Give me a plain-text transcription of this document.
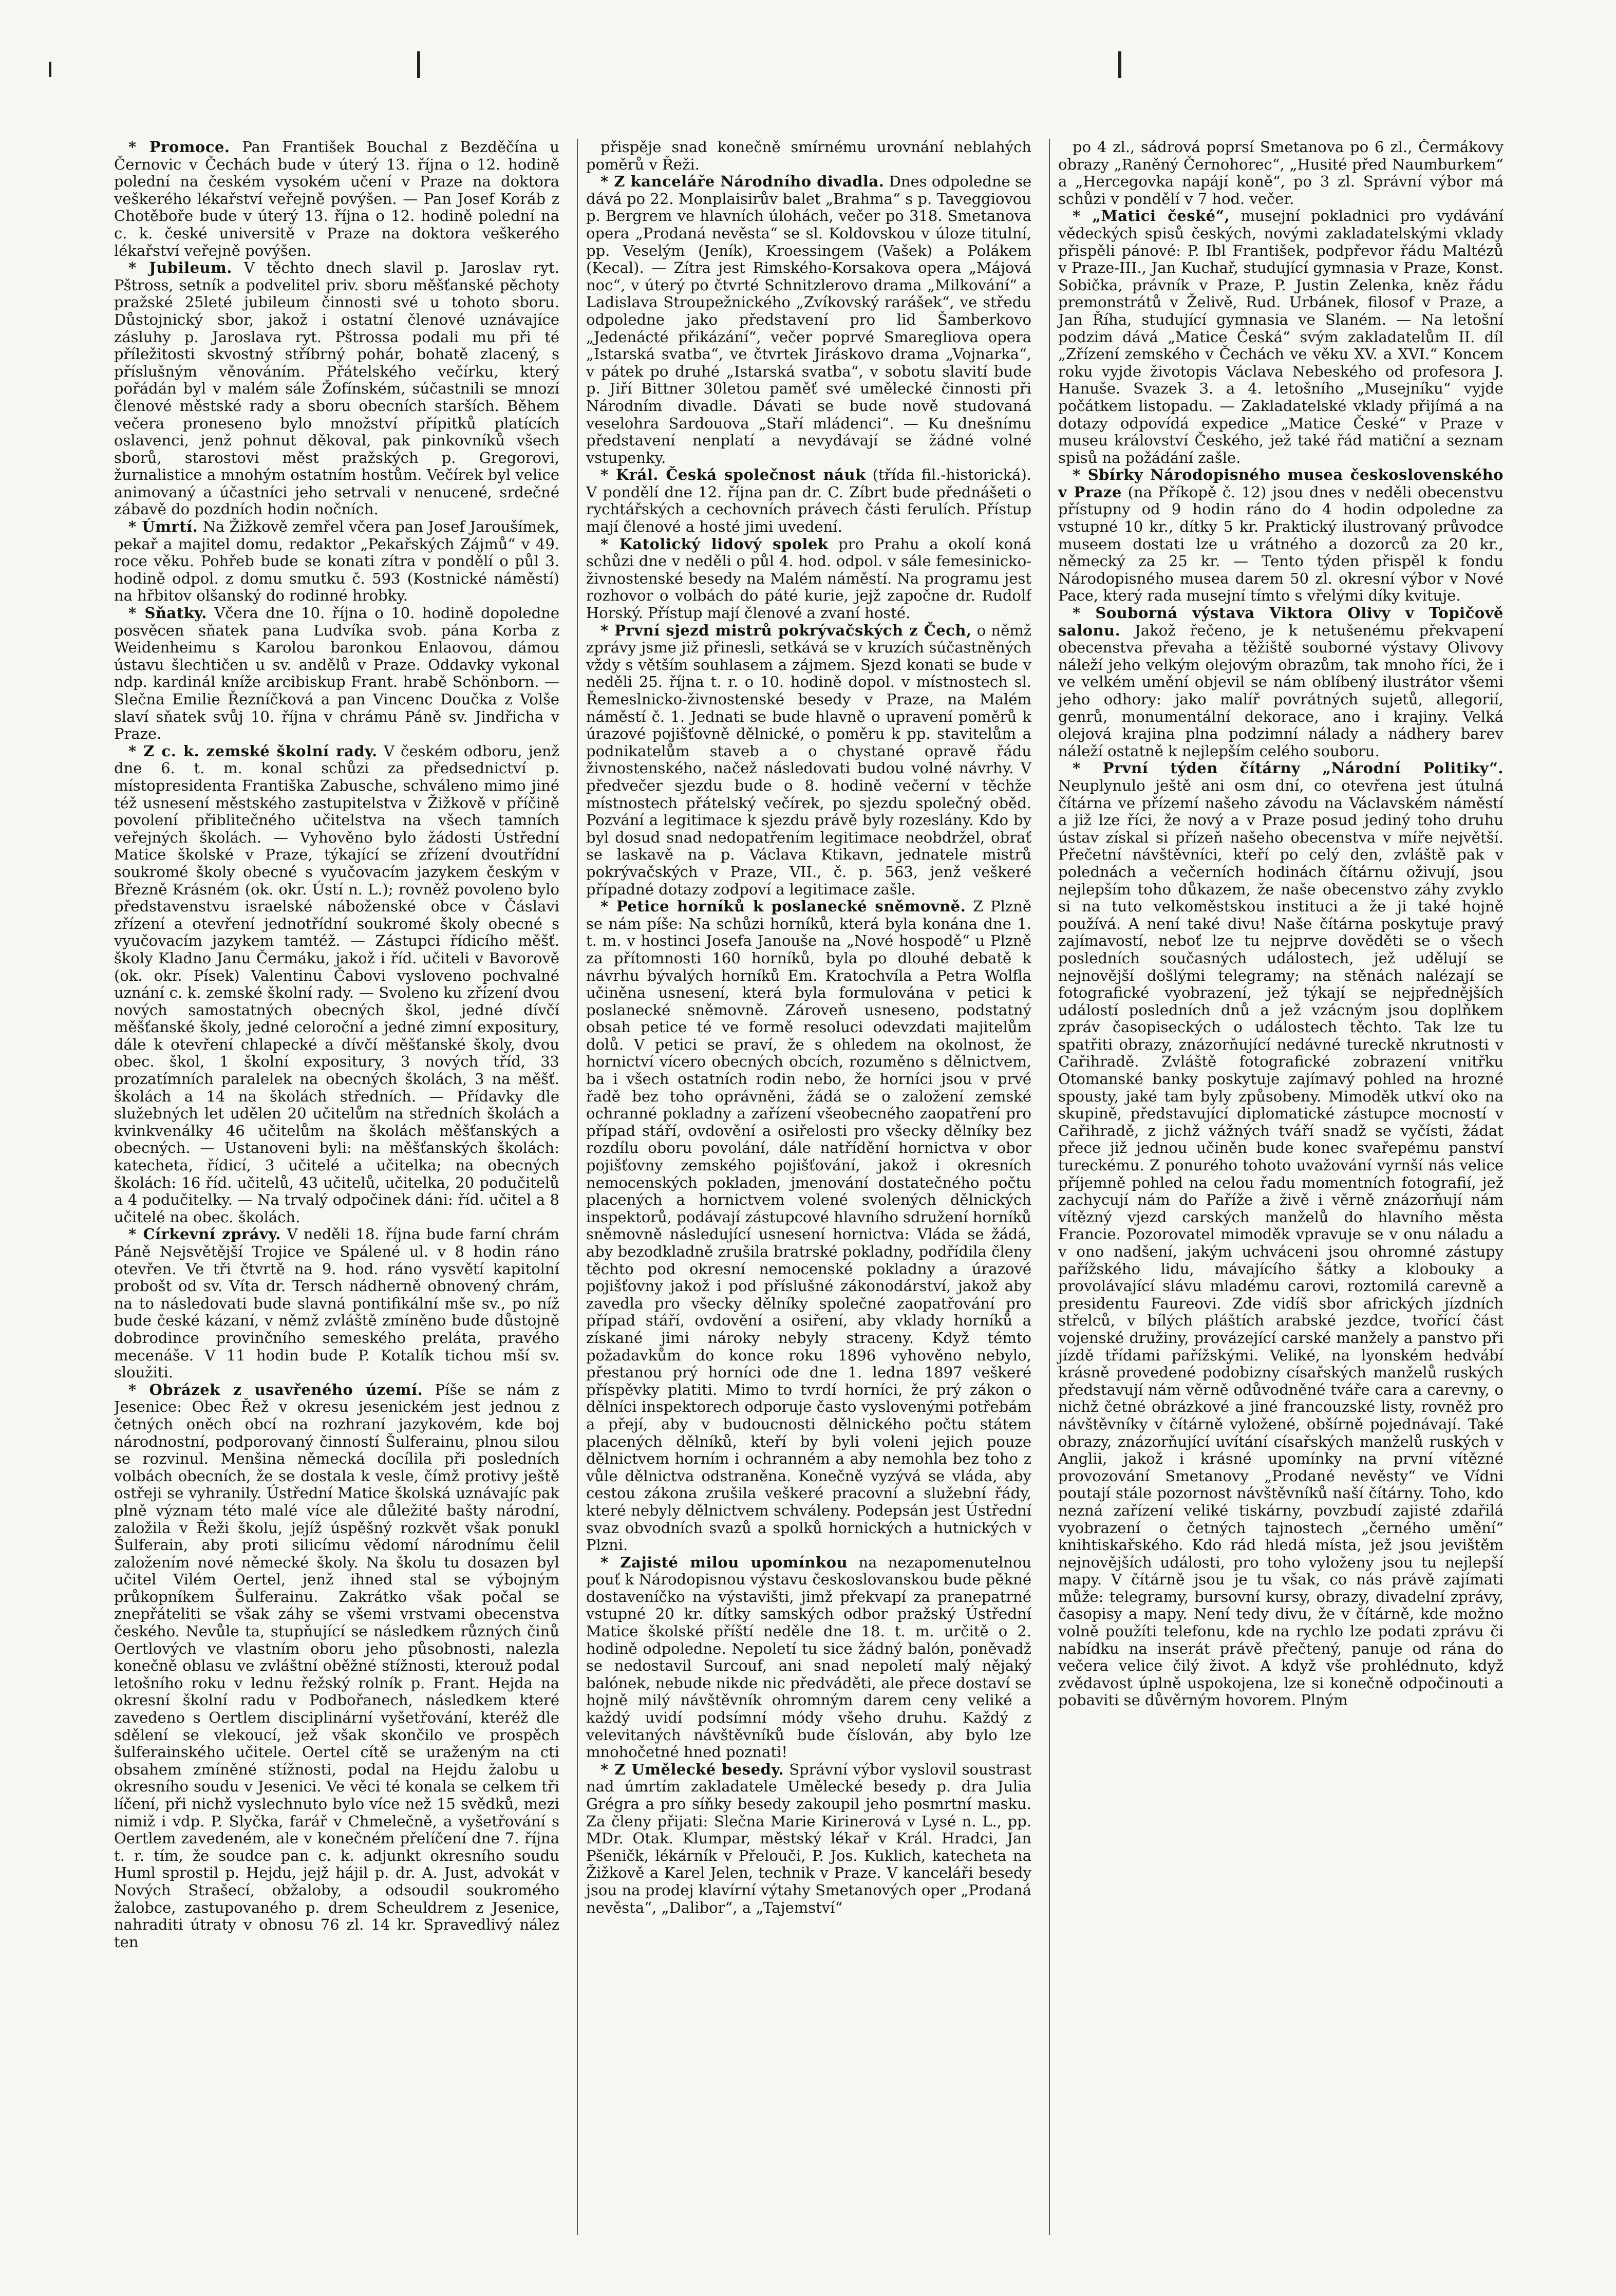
* Promoce. Pan František Bouchal z Bezděčína u Černovic v Čechách bude v úterý 13. října o 12. hodině polední na českém vysokém učení v Praze na doktora veškerého lékařství veřejně povýšen. — Pan Josef Koráb z Chotěboře bude v úterý 13. října o 12. hodině polední na c. k. české universitě v Praze na doktora veškerého lékařství veřejně povýšen.

* Jubileum. V těchto dnech slavil p. Jaroslav ryt. Pštross, setník a podvelitel priv. sboru měšťanské pěchoty pražské 25leté jubileum činnosti své u tohoto sboru. Důstojnický sbor, jakož i ostatní členové uznávajíce zásluhy p. Jaroslava ryt. Pštrossa podali mu při té příležitosti skvostný stříbrný pohár, bohatě zlacený, s příslušným věnováním. Přátelského večírku, který pořádán byl v malém sále Žofínském, súčastnili se mnozí členové městské rady a sboru obecních starších. Během večera proneseno bylo množství přípitků platících oslavenci, jenž pohnut děkoval, pak pinkovníků všech sborů, starostovi měst pražských p. Gregorovi, žurnalistice a mnohým ostatním hostům. Večírek byl velice animovaný a účastníci jeho setrvali v nenucené, srdečné zábavě do pozdních hodin nočních.

* Úmrtí. Na Žižkově zemřel včera pan Josef Jaroušímek, pekař a majitel domu, redaktor „Pekařských Zájmů“ v 49. roce věku. Pohřeb bude se konati zítra v pondělí o půl 3. hodině odpol. z domu smutku č. 593 (Kostnické náměstí) na hřbitov olšanský do rodinné hrobky.

* Sňatky. Včera dne 10. října o 10. hodině dopoledne posvěcen sňatek pana Ludvíka svob. pána Korba z Weidenheimu s Karolou baronkou Enlaovou, dámou ústavu šlechtičen u sv. andělů v Praze. Oddavky vykonal ndp. kardinál kníže arcibiskup Frant. hrabě Schönborn. — Slečna Emilie Řezníčková a pan Vincenc Doučka z Volše slaví sňatek svůj 10. října v chrámu Páně sv. Jindřicha v Praze.

* Z c. k. zemské školní rady. V českém odboru, jenž dne 6. t. m. konal schůzi za předsednictví p. místopresidenta Františka Zabusche, schváleno mimo jiné též usnesení městského zastupitelstva v Žižkově v příčině povolení přiblitečného učitelstva na všech tamních veřejných školách. — Vyhověno bylo žádosti Ústřední Matice školské v Praze, týkající se zřízení dvoutřídní soukromé školy obecné s vyučovacím jazykem českým v Březně Krásném (ok. okr. Ústí n. L.); rovněž povoleno bylo představenstvu israelské náboženské obce v Čáslavi zřízení a otevření jednotřídní soukromé školy obecné s vyučovacím jazykem tamtéž. — Zástupci řídicího měšť. školy Kladno Janu Čermáku, jakož i říd. učiteli v Bavorově (ok. okr. Písek) Valentinu Čabovi vysloveno pochvalné uznání c. k. zemské školní rady. — Svoleno ku zřízení dvou nových samostatných obecných škol, jedné dívčí měšťanské školy, jedné celoroční a jedné zimní expositury, dále k otevření chlapecké a dívčí měšťanské školy, dvou obec. škol, 1 školní expositury, 3 nových tříd, 33 prozatímních paralelek na obecných školách, 3 na měšť. školách a 14 na školách středních. — Přídavky dle služebných let udělen 20 učitelům na středních školách a kvinkvenálky 46 učitelům na školách měšťanských a obecných. — Ustanoveni byli: na měšťanských školách: katecheta, řídicí, 3 učitelé a učitelka; na obecných školách: 16 říd. učitelů, 43 učitelů, učitelka, 20 podučitelů a 4 podučitelky. — Na trvalý odpočinek dáni: říd. učitel a 8 učitelé na obec. školách.

* Církevní zprávy. V neděli 18. října bude farní chrám Páně Nejsvětější Trojice ve Spálené ul. v 8 hodin ráno otevřen. Ve tři čtvrtě na 9. hod. ráno vysvětí kapitolní probošt od sv. Víta dr. Tersch nádherně obnovený chrám, na to následovati bude slavná pontifikální mše sv., po níž bude české kázaní, v němž zvláště zmíněno bude důstojně dobrodince provinčního semeského preláta, pravého mecenáše. V 11 hodin bude P. Kotalík tichou mší sv. sloužiti.

* Obrázek z usavřeného území. Píše se nám z Jesenice: Obec Řež v okresu jesenickém jest jednou z četných oněch obcí na rozhraní jazykovém, kde boj národnostní, podporovaný činností Šulferainu, plnou silou se rozvinul. Menšina německá docílila při posledních volbách obecních, že se dostala k vesle, čímž protivy ještě ostřeji se vyhranily. Ústřední Matice školská uznávajíc pak plně význam této malé více ale důležité bašty národní, založila v Řeži školu, jejíž úspěšný rozkvět však ponukl Šulferain, aby proti silicímu vědomí národnímu čelil založením nové německé školy. Na školu tu dosazen byl učitel Vilém Oertel, jenž ihned stal se výbojným průkopníkem Šulferainu. Zakrátko však počal se znepřáteliti se však záhy se všemi vrstvami obecenstva českého. Nevůle ta, stupňující se následkem různých činů Oertlových ve vlastním oboru jeho působnosti, nalezla konečně oblasu ve zvláštní oběžné stížnosti, kterouž podal letošního roku v lednu řežský rolník p. Frant. Hejda na okresní školní radu v Podbořanech, následkem které zavedeno s Oertlem disciplinární vyšetřování, kteréž dle sdělení se vlekoucí, jež však skončilo ve prospěch šulferainského učitele. Oertel cítě se uraženým na cti obsahem zmíněné stížnosti, podal na Hejdu žalobu u okresního soudu v Jesenici. Ve věci té konala se celkem tři líčení, při nichž vyslechnuto bylo více než 15 svědků, mezi nimiž i vdp. P. Slyčka, farář v Chmelečně, a vyšetřování s Oertlem zavedeném, ale v konečném přelíčení dne 7. října t. r. tím, že soudce pan c. k. adjunkt okresního soudu Huml sprostil p. Hejdu, jejž hájil p. dr. A. Just, advokát v Nových Strašecí, obžaloby, a odsoudil soukromého žalobce, zastupovaného p. drem Scheuldrem z Jesenice, nahraditi útraty v obnosu 76 zl. 14 kr. Spravedlivý nález ten

přispěje snad konečně smírnému urovnání neblahých poměrů v Řeži.

* Z kanceláře Národního divadla. Dnes odpoledne se dává po 22. Monplaisirův balet „Brahma“ s p. Taveggiovou p. Bergrem ve hlavních úlohách, večer po 318. Smetanova opera „Prodaná nevěsta“ se sl. Koldovskou v úloze titulní, pp. Veselým (Jeník), Kroessingem (Vašek) a Polákem (Kecal). — Zítra jest Rimského-Korsakova opera „Májová noc“, v úterý po čtvrté Schnitzlerovo drama „Milkování“ a Ladislava Stroupežnického „Zvíkovský rarášek“, ve středu odpoledne jako představení pro lid Šamberkovo „Jedenácté přikázání“, večer poprvé Smaregliova opera „Istarská svatba“, ve čtvrtek Jiráskovo drama „Vojnarka“, v pátek po druhé „Istarská svatba“, v sobotu slavití bude p. Jiří Bittner 30letou paměť své umělecké činnosti při Národním divadle. Dávati se bude nově studovaná veselohra Sardouova „Staří mládenci“. — Ku dnešnímu představení nenplatí a nevydávají se žádné volné vstupenky.

* Král. Česká společnost náuk (třída fil.-historická). V pondělí dne 12. října pan dr. C. Zíbrt bude přednášeti o rychtářských a cechovních právech části ferulích. Přístup mají členové a hosté jimi uvedení.

* Katolický lidový spolek pro Prahu a okolí koná schůzi dne v neděli o půl 4. hod. odpol. v sále femesinicko-živnostenské besedy na Malém náměstí. Na programu jest rozhovor o volbách do páté kurie, jejž započne dr. Rudolf Horský. Přístup mají členové a zvaní hosté.

* První sjezd mistrů pokrývačských z Čech, o němž zprávy jsme již přinesli, setkává se v kruzích súčastněných vždy s větším souhlasem a zájmem. Sjezd konati se bude v neděli 25. října t. r. o 10. hodině dopol. v místnostech sl. Řemeslnicko-živnostenské besedy v Praze, na Malém náměstí č. 1. Jednati se bude hlavně o upravení poměrů k úrazové pojišťovně dělnické, o poměru k pp. stavitelům a podnikatelům staveb a o chystané opravě řádu živnostenského, načež následovati budou volné návrhy. V předvečer sjezdu bude o 8. hodině večerní v těchže místnostech přátelský večírek, po sjezdu společný oběd. Pozvání a legitimace k sjezdu právě byly rozeslány. Kdo by byl dosud snad nedopatřením legitimace neobdržel, obrať se laskavě na p. Václava Ktikavn, jednatele mistrů pokrývačských v Praze, VII., č. p. 563, jenž veškeré případné dotazy zodpoví a legitimace zašle.

* Petice horníků k poslanecké sněmovně. Z Plzně se nám píše: Na schůzi horníků, která byla konána dne 1. t. m. v hostinci Josefa Janouše na „Nové hospodě“ u Plzně za přítomnosti 160 horníků, byla po dlouhé debatě k návrhu bývalých horníků Em. Kratochvíla a Petra Wolfla učiněna usnesení, která byla formulována v petici k poslanecké sněmovně. Zároveň usneseno, podstatný obsah petice té ve formě resoluci odevzdati majitelům dolů. V petici se praví, že s ohledem na okolnost, že hornictví vícero obecných obcích, rozuměno s dělnictvem, ba i všech ostatních rodin nebo, že horníci jsou v prvé řadě bez toho oprávněni, žádá se o založení zemské ochranné pokladny a zařízení všeobecného zaopatření pro případ stáří, ovdovění a osiřelosti pro všecky dělníky bez rozdílu oboru povolání, dále natřídění hornictva v obor pojišťovny zemského pojišťování, jakož i okresních nemocenských pokladen, jmenování dostatečného počtu placených a hornictvem volené svolených dělnických inspektorů, podávají zástupcové hlavního sdružení horníků sněmovně následující usnesení hornictva: Vláda se žádá, aby bezodkladně zrušila bratrské pokladny, podřídila členy těchto pod okresní nemocenské pokladny a úrazové pojišťovny jakož i pod příslušné zákonodárství, jakož aby zavedla pro všecky dělníky společné zaopatřování pro případ stáří, ovdovění a osiření, aby vklady horníků a získané jimi nároky nebyly straceny. Když témto požadavkům do konce roku 1896 vyhověno nebylo, přestanou prý horníci ode dne 1. ledna 1897 veškeré příspěvky platiti. Mimo to tvrdí horníci, že prý zákon o dělníci inspektorech odporuje často vyslovenými potřebám a přejí, aby v budoucnosti dělnického počtu státem placených dělníků, kteří by byli voleni jejich pouze dělnictvem horním i ochranném a aby nemohla bez toho z vůle dělnictva odstraněna. Konečně vyzývá se vláda, aby cestou zákona zrušila veškeré pracovní a služební řády, které nebyly dělnictvem schváleny. Podepsán jest Ústřední svaz obvodních svazů a spolků hornických a hutnických v Plzni.

* Zajisté milou upomínkou na nezapomenutelnou pouť k Národopisnou výstavu českoslovanskou bude pěkné dostaveníčko na výstavišti, jimž překvapí za pranepatrné vstupné 20 kr. dítky samských odbor pražský Ústřední Matice školské příští neděle dne 18. t. m. určitě o 2. hodině odpoledne. Nepoletí tu sice žádný balón, poněvadž se nedostavil Surcouf, ani snad nepoletí malý nějaký balónek, nebude nikde nic předváděti, ale přece dostaví se hojně milý návštěvník ohromným darem ceny veliké a každý uvidí podsímní módy všeho druhu. Každý z velevitaných návštěvníků bude číslován, aby bylo lze mnohočetné hned poznati!

* Z Umělecké besedy. Správní výbor vyslovil soustrast nad úmrtím zakladatele Umělecké besedy p. dra Julia Grégra a pro síňky besedy zakoupil jeho posmrtní masku. Za členy přijati: Slečna Marie Kirinerová v Lysé n. L., pp. MDr. Otak. Klumpar, městský lékař v Král. Hradci, Jan Pšeničk, lékárník v Přelouči, P. Jos. Kuklich, katecheta na Žižkově a Karel Jelen, technik v Praze. V kanceláři besedy jsou na prodej klavírní výtahy Smetanových oper „Prodaná nevěsta“, „Dalibor“, a „Tajemství“

po 4 zl., sádrová poprsí Smetanova po 6 zl., Čermákovy obrazy „Raněný Černohorec“, „Husité před Naumburkem“ a „Hercegovka napájí koně“, po 3 zl. Správní výbor má schůzi v pondělí v 7 hod. večer.

* „Matici české“, musejní pokladnici pro vydávání vědeckých spisů českých, novými zakladatelskými vklady přispěli pánové: P. Ibl František, podpřevor řádu Maltézů v Praze-III., Jan Kuchař, studující gymnasia v Praze, Konst. Sobička, právník v Praze, P. Justin Zelenka, kněz řádu premonstrátů v Želivě, Rud. Urbánek, filosof v Praze, a Jan Říha, studující gymnasia ve Slaném. — Na letošní podzim dává „Matice Česká“ svým zakladatelům II. díl „Zřízení zemského v Čechách ve věku XV. a XVI.“ Koncem roku vyjde životopis Václava Nebeského od profesora J. Hanuše. Svazek 3. a 4. letošního „Musejníku“ vyjde počátkem listopadu. — Zakladatelské vklady přijímá a na dotazy odpovídá expedice „Matice České“ v Praze v museu království Českého, jež také řád matiční a seznam spisů na požádání zašle.

* Sbírky Národopisného musea československého v Praze (na Příkopě č. 12) jsou dnes v neděli obecenstvu přístupny od 9 hodin ráno do 4 hodin odpoledne za vstupné 10 kr., dítky 5 kr. Praktický ilustrovaný průvodce museem dostati lze u vrátného a dozorců za 20 kr., německý za 25 kr. — Tento týden přispěl k fondu Národopisného musea darem 50 zl. okresní výbor v Nové Pace, který rada musejní tímto s vřelými díky kvituje.

* Souborná výstava Viktora Olivy v Topičově salonu. Jakož řečeno, je k netušenému překvapení obecenstva převaha a těžiště souborné výstavy Olivovy náleží jeho velkým olejovým obrazům, tak mnoho říci, že i ve velkém umění objevil se nám oblíbený ilustrátor všemi jeho odhory: jako malíř povrátných sujetů, allegorií, genrů, monumentální dekorace, ano i krajiny. Velká olejová krajina plna podzimní nálady a nádhery barev náleží ostatně k nejlepším celého souboru.

* První týden čítárny „Národní Politiky“. Neuplynulo ještě ani osm dní, co otevřena jest útulná čítárna ve přízemí našeho závodu na Václavském náměstí a již lze říci, že nový a v Praze posud jediný toho druhu ústav získal si přízeň našeho obecenstva v míře největší. Přečetní návštěvníci, kteří po celý den, zvláště pak v polednách a večerních hodinách čítárnu oživují, jsou nejlepším toho důkazem, že naše obecenstvo záhy zvyklo si na tuto velkoměstskou instituci a že ji také hojně používá. A není také divu! Naše čítárna poskytuje pravý zajímavostí, neboť lze tu nejprve dověděti se o všech posledních současných událostech, jež udělují se nejnovější došlými telegramy; na stěnách nalézají se fotografické vyobrazení, jež týkají se nejpřednějších událostí posledních dnů a jež vzácným jsou doplňkem zpráv časopiseckých o událostech těchto. Tak lze tu spatřiti obrazy, znázorňující nedávné tureckě nkrutnosti v Cařihradě. Zvláště fotografické zobrazení vnitřku Otomanské banky poskytuje zajímavý pohled na hrozné spousty, jaké tam byly způsobeny. Mimoděk utkví oko na skupině, představující diplomatické zástupce mocností v Cařihradě, z jichž vážných tváří snadž se vyčísti, žádat přece již jednou učiněn bude konec svařepému panství tureckému. Z ponurého tohoto uvažování vyrnší nás velice příjemně pohled na celou řadu momentních fotografií, jež zachycují nám do Paříže a živě i věrně znázorňují nám vítězný vjezd carských manželů do hlavního města Francie. Pozorovatel mimoděk vpravuje se v onu náladu a v ono nadšení, jakým uchváceni jsou ohromné zástupy pařížského lidu, mávajícího šátky a klobouky a provolávající slávu mladému carovi, roztomilá carevně a presidentu Faureovi. Zde vidíš sbor afrických jízdních střelců, v bílých pláštích arabské jezdce, tvořící část vojenské družiny, provázející carské manžely a panstvo při jízdě třídami pařížskými. Veliké, na lyonském hedvábí krásně provedené podobizny císařských manželů ruských představují nám věrně odůvodněné tváře cara a carevny, o nichž četné obrázkové a jiné francouzské listy, rovněž pro návštěvníky v čítárně vyložené, obšírně pojednávají. Také obrazy, znázorňující uvítání císařských manželů ruských v Anglii, jakož i krásné upomínky na první vítězné provozování Smetanovy „Prodané nevěsty“ ve Vídni poutají stále pozornost návštěvníků naší čítárny. Toho, kdo nezná zařízení veliké tiskárny, povzbudí zajisté zdařilá vyobrazení o četných tajnostech „černého umění“ knihtiskařského. Kdo rád hledá místa, jež jsou jevištěm nejnovějších události, pro toho vyloženy jsou tu nejlepší mapy. V čítárně jsou je tu však, co nás právě zajímati může: telegramy, bursovní kursy, obrazy, divadelní zprávy, časopisy a mapy. Není tedy divu, že v čítárně, kde možno volně použíti telefonu, kde na rychlo lze podati zprávu či nabídku na inserát právě přečtený, panuje od rána do večera velice čilý život. A když vše prohlédnuto, když zvědavost úplně uspokojena, lze si konečně odpočinouti a pobaviti se důvěrným hovorem. Plným
